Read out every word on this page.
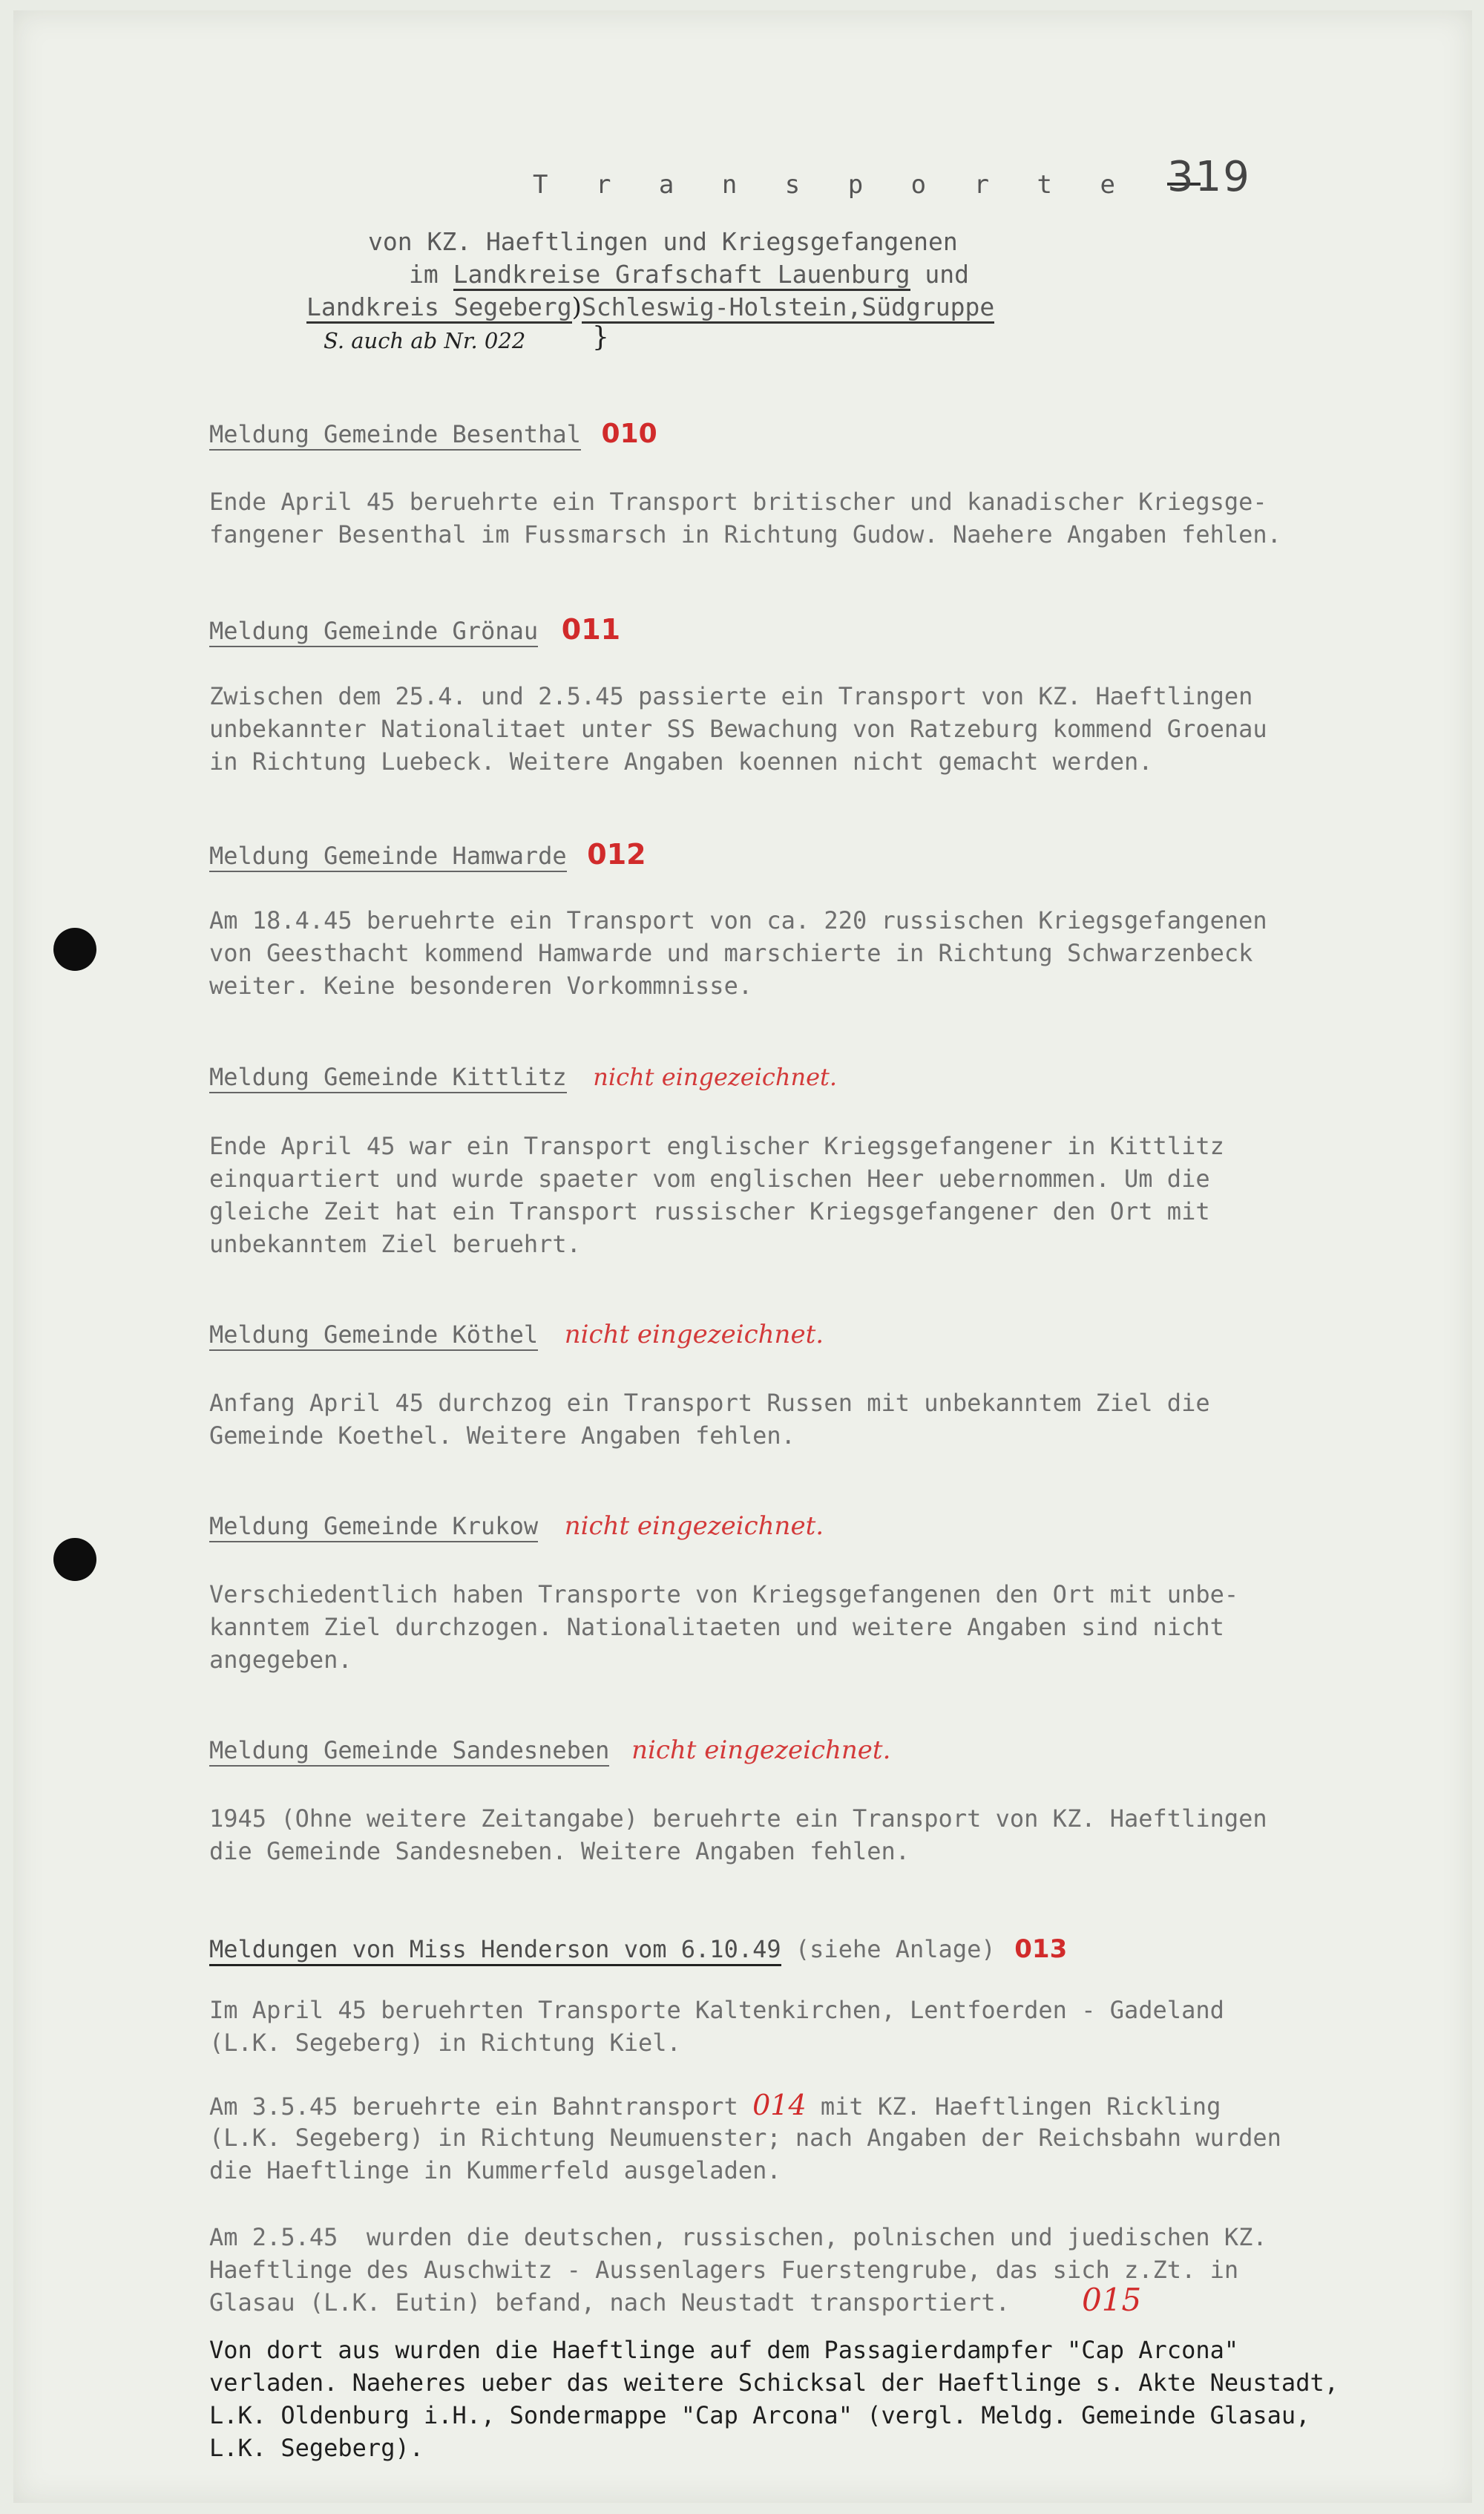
T r a n s p o r t e 319
von KZ. Haeftlingen und Kriegsgefangenen
im Landkreise Grafschaft Lauenburg und
Landkreis Segeberg)Schleswig-Holstein,Südgruppe
S. auch ab Nr. 022 }
Meldung Gemeinde Besenthal 010
Ende April 45 beruehrte ein Transport britischer und kanadischer Kriegsge-
fangener Besenthal im Fussmarsch in Richtung Gudow. Naehere Angaben fehlen.
Meldung Gemeinde Grönau 011
Zwischen dem 25.4. und 2.5.45 passierte ein Transport von KZ. Haeftlingen
unbekannter Nationalitaet unter SS Bewachung von Ratzeburg kommend Groenau
in Richtung Luebeck. Weitere Angaben koennen nicht gemacht werden.
Meldung Gemeinde Hamwarde 012
Am 18.4.45 beruehrte ein Transport von ca. 220 russischen Kriegsgefangenen
von Geesthacht kommend Hamwarde und marschierte in Richtung Schwarzenbeck
weiter. Keine besonderen Vorkommnisse.
Meldung Gemeinde Kittlitz nicht eingezeichnet.
Ende April 45 war ein Transport englischer Kriegsgefangener in Kittlitz
einquartiert und wurde spaeter vom englischen Heer uebernommen. Um die
gleiche Zeit hat ein Transport russischer Kriegsgefangener den Ort mit
unbekanntem Ziel beruehrt.
Meldung Gemeinde Köthel nicht eingezeichnet.
Anfang April 45 durchzog ein Transport Russen mit unbekanntem Ziel die
Gemeinde Koethel. Weitere Angaben fehlen.
Meldung Gemeinde Krukow nicht eingezeichnet.
Verschiedentlich haben Transporte von Kriegsgefangenen den Ort mit unbe-
kanntem Ziel durchzogen. Nationalitaeten und weitere Angaben sind nicht
angegeben.
Meldung Gemeinde Sandesneben nicht eingezeichnet.
1945 (Ohne weitere Zeitangabe) beruehrte ein Transport von KZ. Haeftlingen
die Gemeinde Sandesneben. Weitere Angaben fehlen.
Meldungen von Miss Henderson vom 6.10.49 (siehe Anlage) 013
Im April 45 beruehrten Transporte Kaltenkirchen, Lentfoerden - Gadeland
(L.K. Segeberg) in Richtung Kiel.
Am 3.5.45 beruehrte ein Bahntransport 014 mit KZ. Haeftlingen Rickling
(L.K. Segeberg) in Richtung Neumuenster; nach Angaben der Reichsbahn wurden
die Haeftlinge in Kummerfeld ausgeladen.
Am 2.5.45  wurden die deutschen, russischen, polnischen und juedischen KZ.
Haeftlinge des Auschwitz - Aussenlagers Fuerstengrube, das sich z.Zt. in
Glasau (L.K. Eutin) befand, nach Neustadt transportiert.	015
Von dort aus wurden die Haeftlinge auf dem Passagierdampfer "Cap Arcona"
verladen. Naeheres ueber das weitere Schicksal der Haeftlinge s. Akte Neustadt,
L.K. Oldenburg i.H., Sondermappe "Cap Arcona" (vergl. Meldg. Gemeinde Glasau,
L.K. Segeberg).
